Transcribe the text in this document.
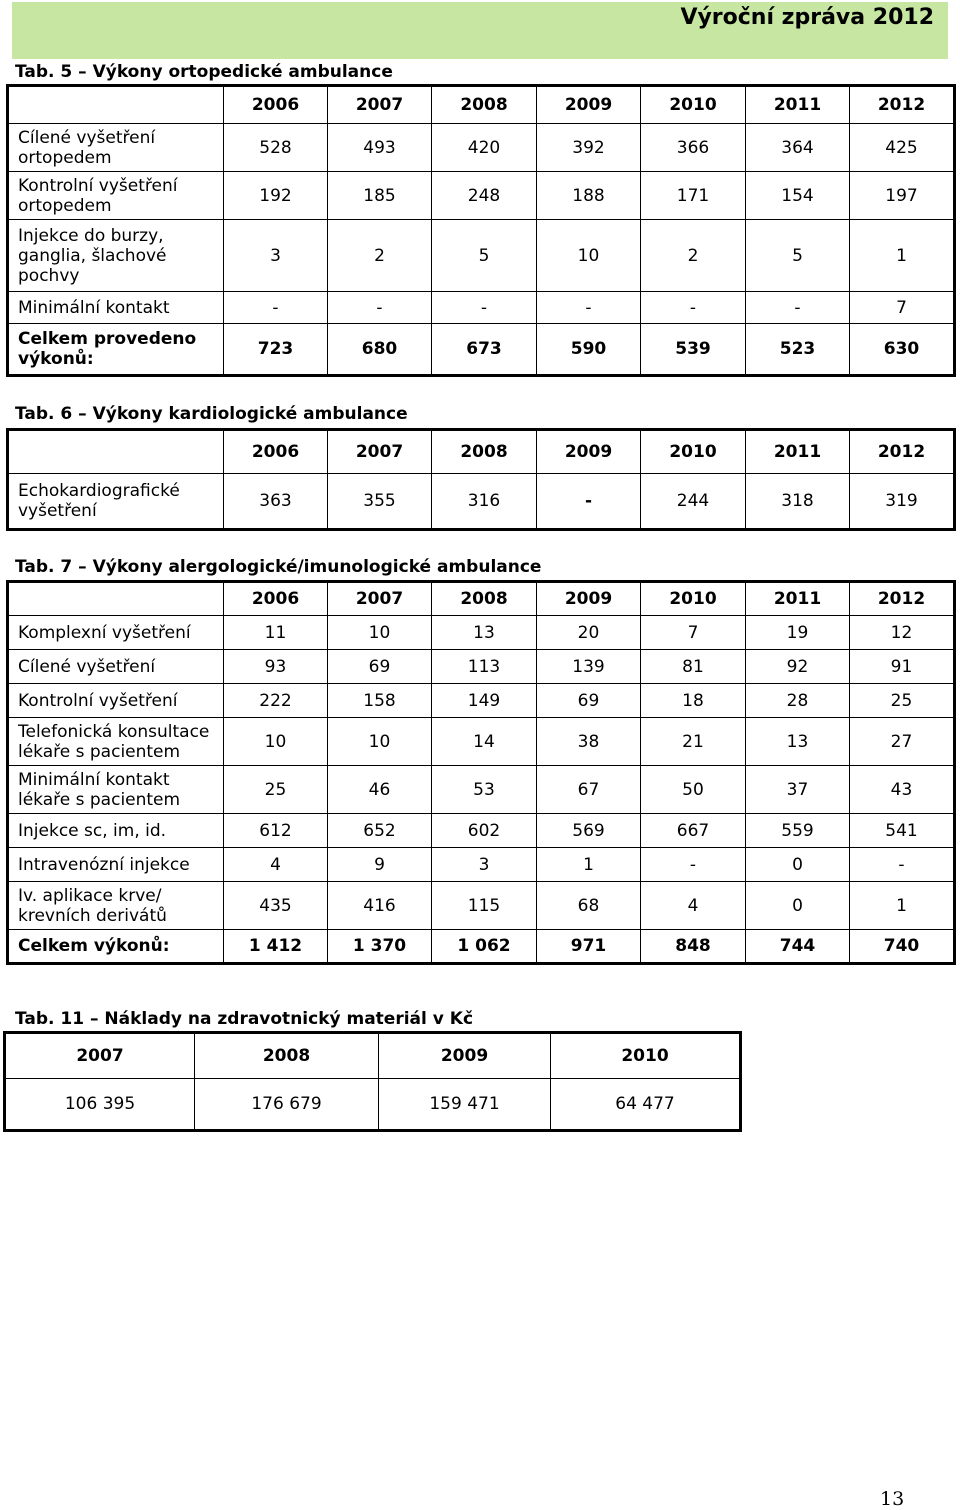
Výroční zpráva 2012
Tab. 5 – Výkony ortopedické ambulance
	2006	2007	2008	2009	2010	2011	2012
Cílené vyšetření ortopedem	528	493	420	392	366	364	425
Kontrolní vyšetření ortopedem	192	185	248	188	171	154	197
Injekce do burzy, ganglia, šlachové pochvy	3	2	5	10	2	5	1
Minimální kontakt	-	-	-	-	-	-	7
Celkem provedeno výkonů:	723	680	673	590	539	523	630
Tab. 6 – Výkony kardiologické ambulance
	2006	2007	2008	2009	2010	2011	2012
Echokardiografické vyšetření	363	355	316	-	244	318	319
Tab. 7 – Výkony alergologické/imunologické ambulance
	2006	2007	2008	2009	2010	2011	2012
Komplexní vyšetření	11	10	13	20	7	19	12
Cílené vyšetření	93	69	113	139	81	92	91
Kontrolní vyšetření	222	158	149	69	18	28	25
Telefonická konsultace lékaře s pacientem	10	10	14	38	21	13	27
Minimální kontakt lékaře s pacientem	25	46	53	67	50	37	43
Injekce sc, im, id.	612	652	602	569	667	559	541
Intravenózní injekce	4	9	3	1	-	0	-
Iv. aplikace krve/ krevních derivátů	435	416	115	68	4	0	1
Celkem výkonů:	1 412	1 370	1 062	971	848	744	740
Tab. 11 – Náklady na zdravotnický materiál v Kč
2007	2008	2009	2010
106 395	176 679	159 471	64 477
13
